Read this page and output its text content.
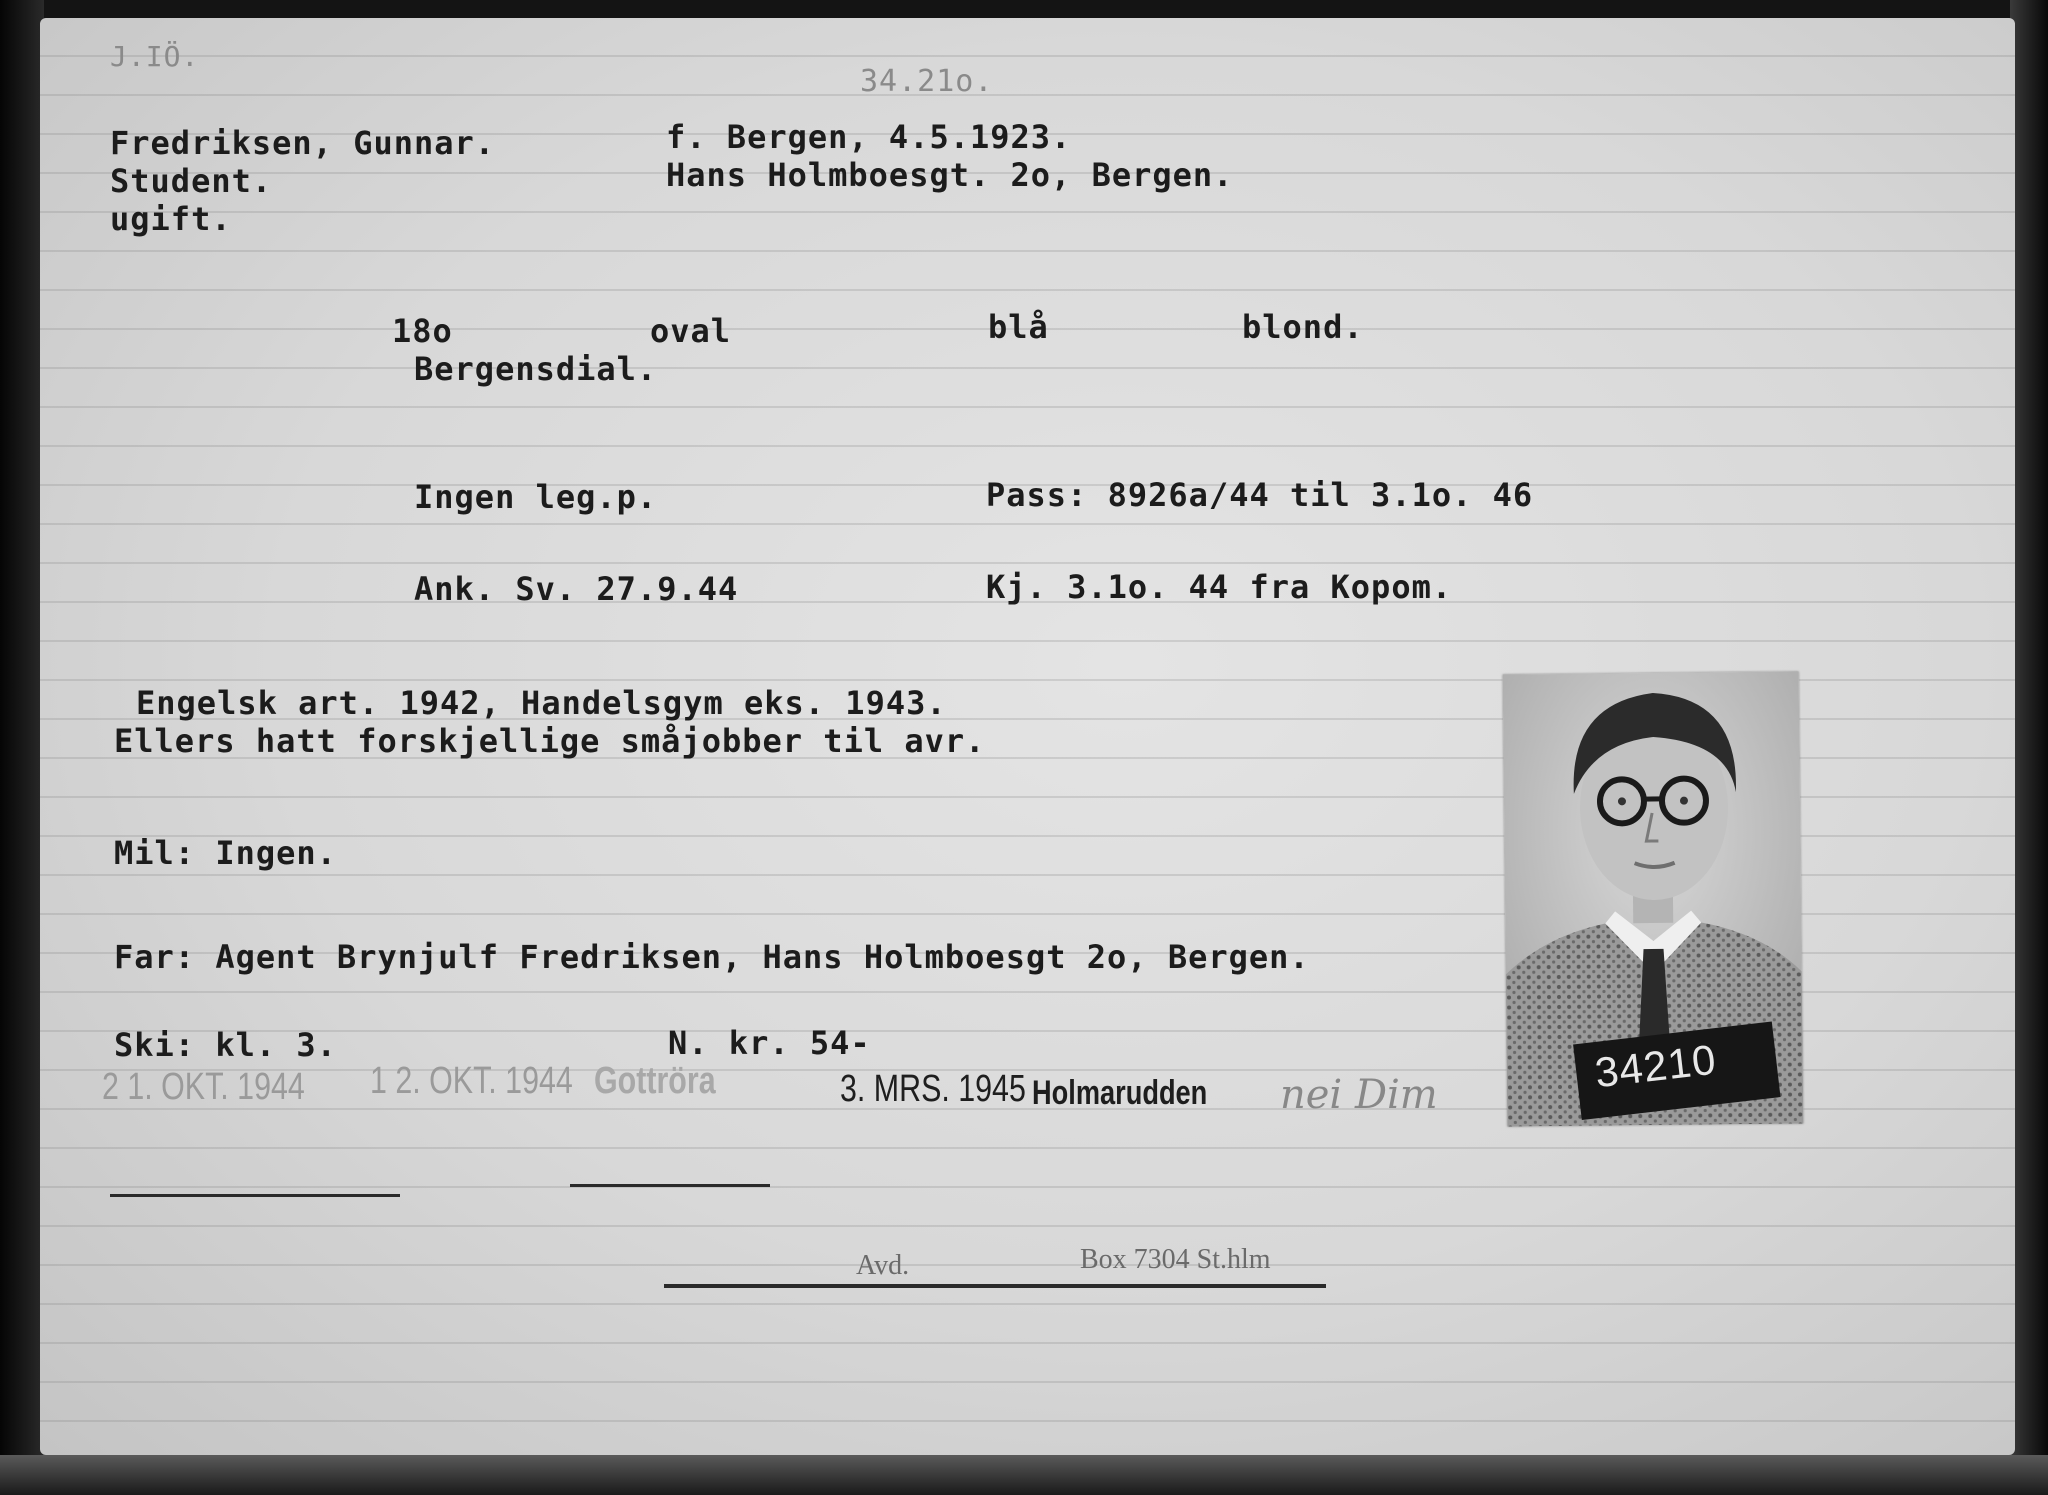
J.IÖ.
34.21o.
Fredriksen, Gunnar.
Student.
ugift.
f. Bergen, 4.5.1923.
Hans Holmboesgt. 2o, Bergen.
18o	oval	blå	blond.
Bergensdial.
Ingen leg.p.	Pass: 8926a/44 til 3.1o. 46
Ank. Sv. 27.9.44	Kj. 3.1o. 44 fra Kopom.
Engelsk art. 1942, Handelsgym eks. 1943.
Ellers hatt forskjellige småjobber til avr.
Mil: Ingen.
Far: Agent Brynjulf Fredriksen, Hans Holmboesgt 2o, Bergen.
Ski: kl. 3.	N. kr. 54-
2 1. OKT. 1944 1 2. OKT. 1944 Gottröra	3. MRS. 1945 Holmarudden nei Dim
Avd.	Box 7304 St.hlm
34210
